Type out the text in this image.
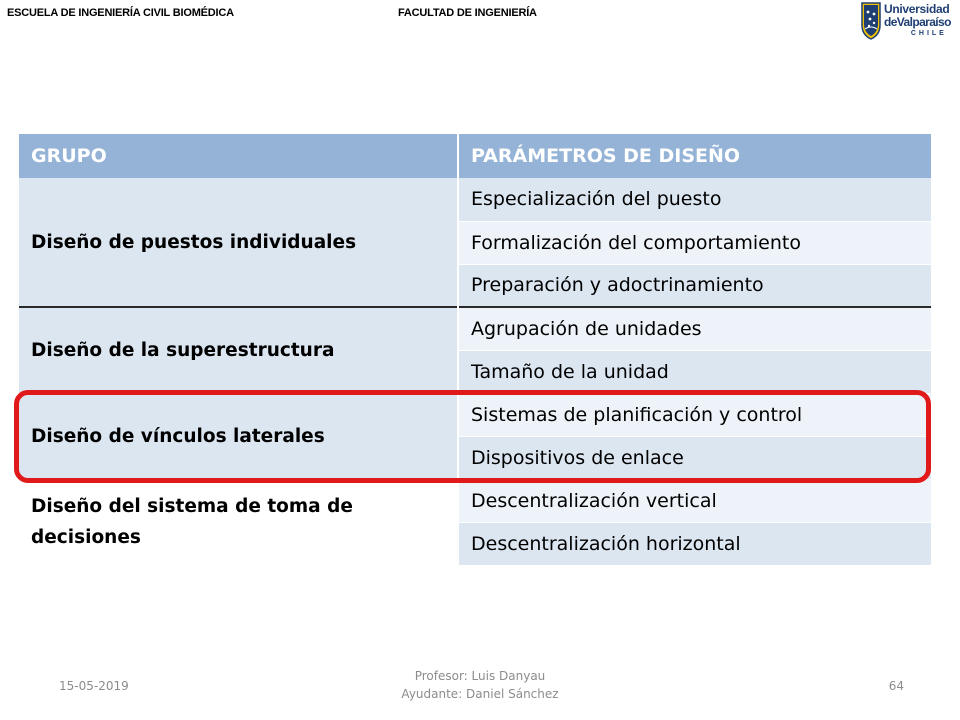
ESCUELA DE INGENIERÍA CIVIL BIOMÉDICA	FACULTAD DE INGENIERÍA	Universidad
deValparaíso
CHILE
GRUPO	PARÁMETROS DE DISEÑO
Diseño de puestos individuales	Especialización del puesto
	Formalización del comportamiento
	Preparación y adoctrinamiento
Diseño de la superestructura	Agrupación de unidades
	Tamaño de la unidad
Diseño de vínculos laterales	Sistemas de planificación y control
	Dispositivos de enlace
Diseño del sistema de toma de decisiones	Descentralización vertical
	Descentralización horizontal
15-05-2019
Profesor: Luis Danyau
Ayudante: Daniel Sánchez
64
